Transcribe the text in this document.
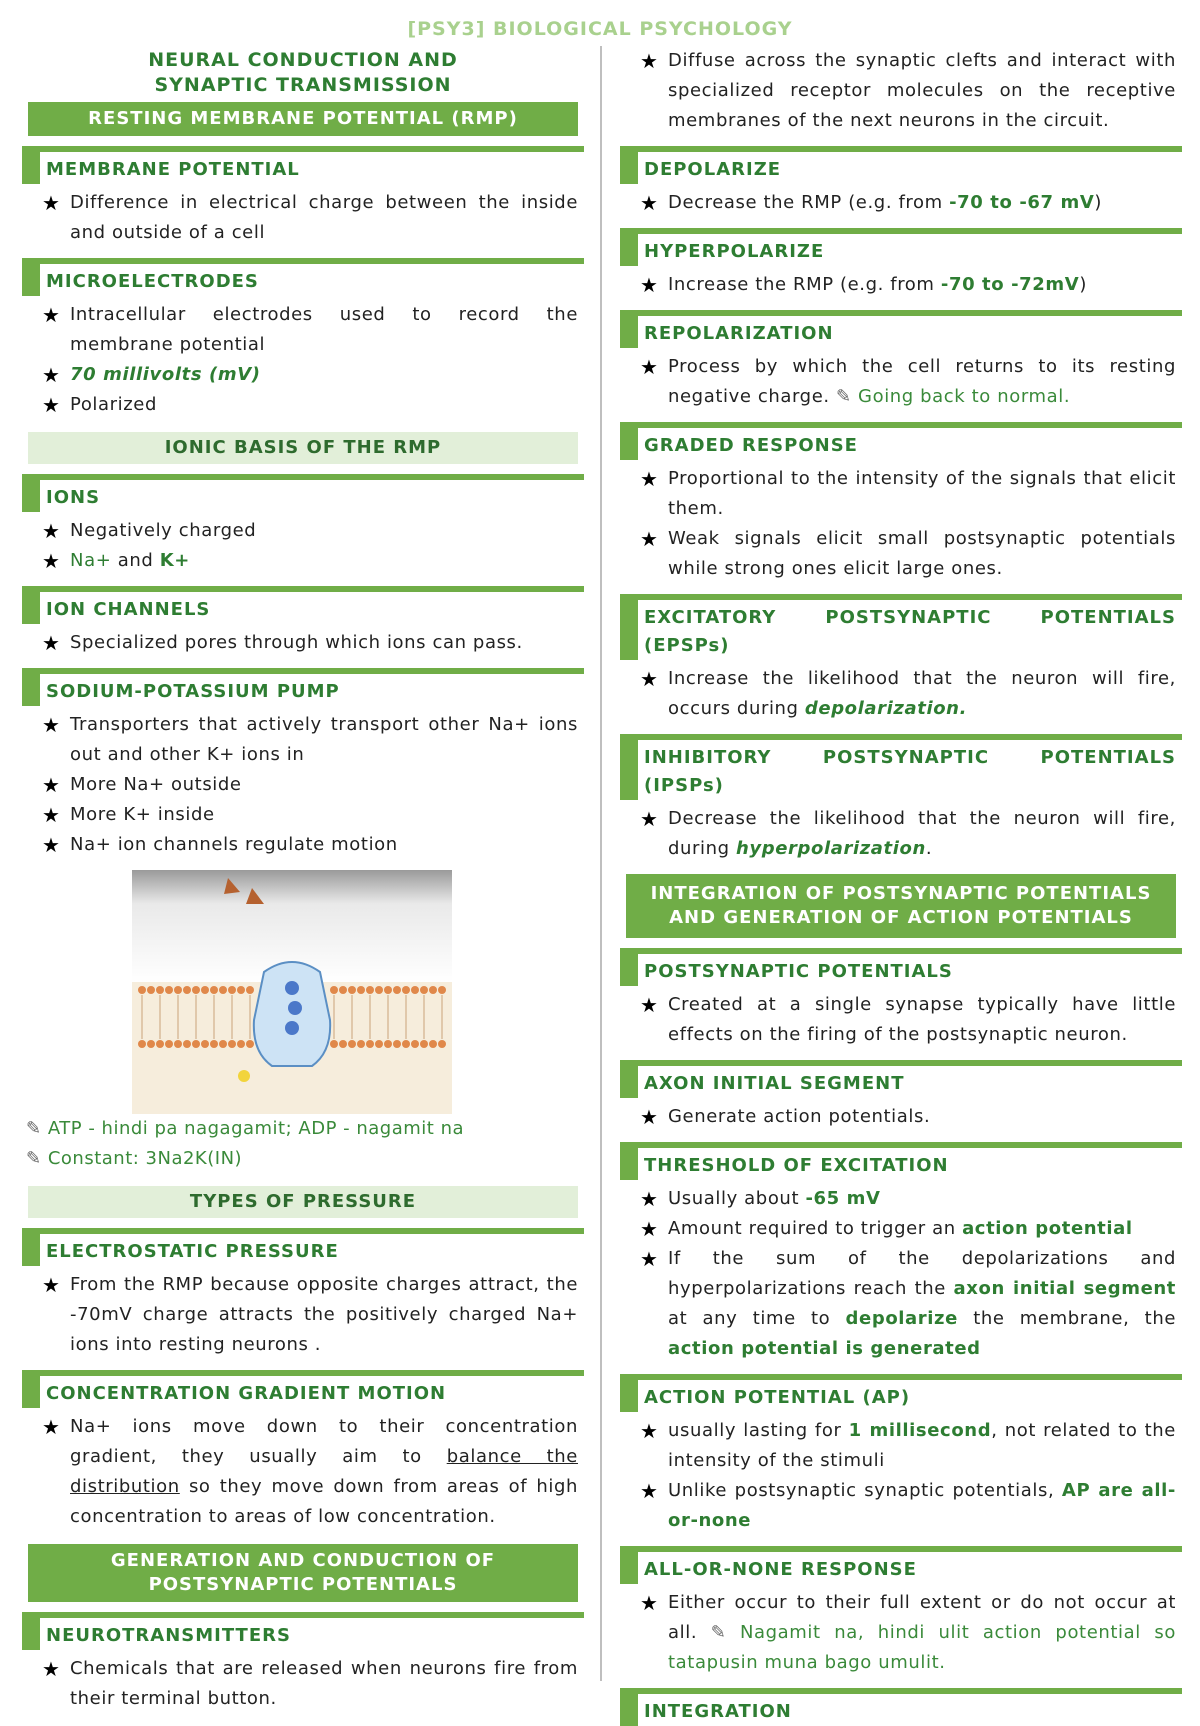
[PSY3] BIOLOGICAL PSYCHOLOGY
NEURAL CONDUCTION AND
SYNAPTIC TRANSMISSION
RESTING MEMBRANE POTENTIAL (RMP)
MEMBRANE POTENTIAL
★ Difference in electrical charge between the inside and outside of a cell
MICROELECTRODES
★ Intracellular electrodes used to record the membrane potential
★ 70 millivolts (mV)
★ Polarized
IONIC BASIS OF THE RMP
IONS
★ Negatively charged
★ Na+ and K+
ION CHANNELS
★ Specialized pores through which ions can pass.
SODIUM-POTASSIUM PUMP
★ Transporters that actively transport other Na+ ions out and other K+ ions in
★ More Na+ outside
★ More K+ inside
★ Na+ ion channels regulate motion
✎ ATP - hindi pa nagagamit; ADP - nagamit na
✎ Constant: 3Na2K(IN)
TYPES OF PRESSURE
ELECTROSTATIC PRESSURE
★ From the RMP because opposite charges attract, the -70mV charge attracts the positively charged Na+ ions into resting neurons .
CONCENTRATION GRADIENT MOTION
★ Na+ ions move down to their concentration gradient, they usually aim to balance the distribution so they move down from areas of high concentration to areas of low concentration.
GENERATION AND CONDUCTION OF
POSTSYNAPTIC POTENTIALS
NEUROTRANSMITTERS
★ Chemicals that are released when neurons fire from their terminal button.
★ Diffuse across the synaptic clefts and interact with specialized receptor molecules on the receptive membranes of the next neurons in the circuit.
DEPOLARIZE
★ Decrease the RMP (e.g. from -70 to -67 mV)
HYPERPOLARIZE
★ Increase the RMP (e.g. from -70 to -72mV)
REPOLARIZATION
★ Process by which the cell returns to its resting negative charge. ✎ Going back to normal.
GRADED RESPONSE
★ Proportional to the intensity of the signals that elicit them.
★ Weak signals elicit small postsynaptic potentials while strong ones elicit large ones.
EXCITATORY POSTSYNAPTIC POTENTIALS
(EPSPs)
★ Increase the likelihood that the neuron will fire, occurs during depolarization.
INHIBITORY POSTSYNAPTIC POTENTIALS
(IPSPs)
★ Decrease the likelihood that the neuron will fire, during hyperpolarization.
INTEGRATION OF POSTSYNAPTIC POTENTIALS
AND GENERATION OF ACTION POTENTIALS
POSTSYNAPTIC POTENTIALS
★ Created at a single synapse typically have little effects on the firing of the postsynaptic neuron.
AXON INITIAL SEGMENT
★ Generate action potentials.
THRESHOLD OF EXCITATION
★ Usually about -65 mV
★ Amount required to trigger an action potential
★ If the sum of the depolarizations and hyperpolarizations reach the axon initial segment at any time to depolarize the membrane, the action potential is generated
ACTION POTENTIAL (AP)
★ usually lasting for 1 millisecond, not related to the intensity of the stimuli
★ Unlike postsynaptic synaptic potentials, AP are all-or-none
ALL-OR-NONE RESPONSE
★ Either occur to their full extent or do not occur at all. ✎ Nagamit na, hindi ulit action potential so tatapusin muna bago umulit.
INTEGRATION
